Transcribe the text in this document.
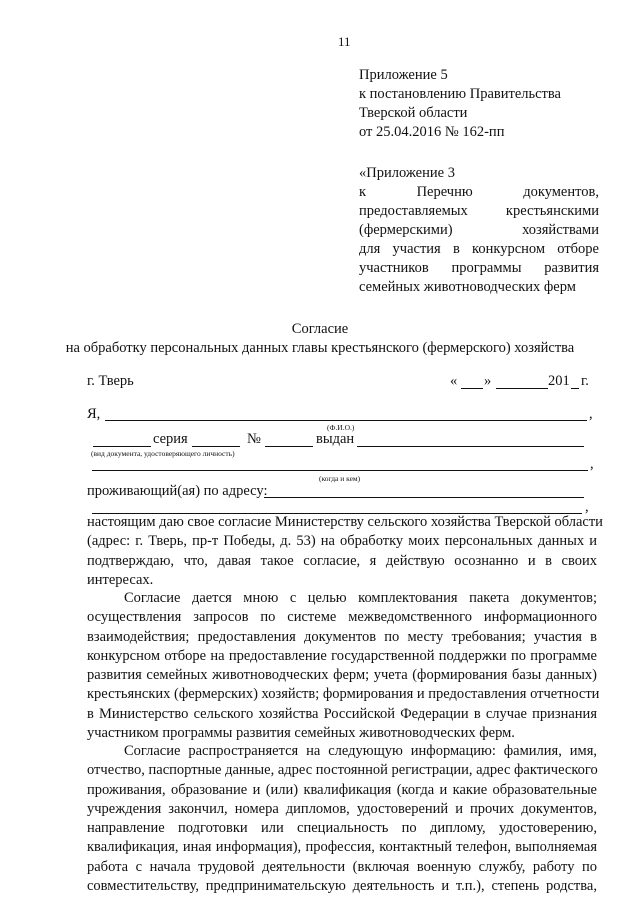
11
Приложение 5
к постановлению Правительства
Тверской области
от 25.04.2016 № 162-пп
«Приложение 3
к Перечню документов,
предоставляемых крестьянскими
(фермерскими) хозяйствами
для участия в конкурсном отборе
участников программы развития
семейных животноводческих ферм
Согласие
на обработку персональных данных главы крестьянского (фермерского) хозяйства
г. Тверь	« »	201 г.
Я,	,
(Ф.И.О.)
серия	№	выдан
(вид документа, удостоверяющего личность)
,
(когда и кем)
проживающий(ая) по адресу:
,
настоящим даю свое согласие Министерству сельского хозяйства Тверской области
(адрес: г. Тверь, пр-т Победы, д. 53) на обработку моих персональных данных и
подтверждаю, что, давая такое согласие, я действую осознанно и в своих
интересах.
Согласие дается мною с целью комплектования пакета документов;
осуществления запросов по системе межведомственного информационного
взаимодействия; предоставления документов по месту требования; участия в
конкурсном отборе на предоставление государственной поддержки по программе
развития семейных животноводческих ферм; учета (формирования базы данных)
крестьянских (фермерских) хозяйств; формирования и предоставления отчетности
в Министерство сельского хозяйства Российской Федерации в случае признания
участником программы развития семейных животноводческих ферм.
Согласие распространяется на следующую информацию: фамилия, имя,
отчество, паспортные данные, адрес постоянной регистрации, адрес фактического
проживания, образование и (или) квалификация (когда и какие образовательные
учреждения закончил, номера дипломов, удостоверений и прочих документов,
направление подготовки или специальность по диплому, удостоверению,
квалификация, иная информация), профессия, контактный телефон, выполняемая
работа с начала трудовой деятельности (включая военную службу, работу по
совместительству, предпринимательскую деятельность и т.п.), степень родства,
